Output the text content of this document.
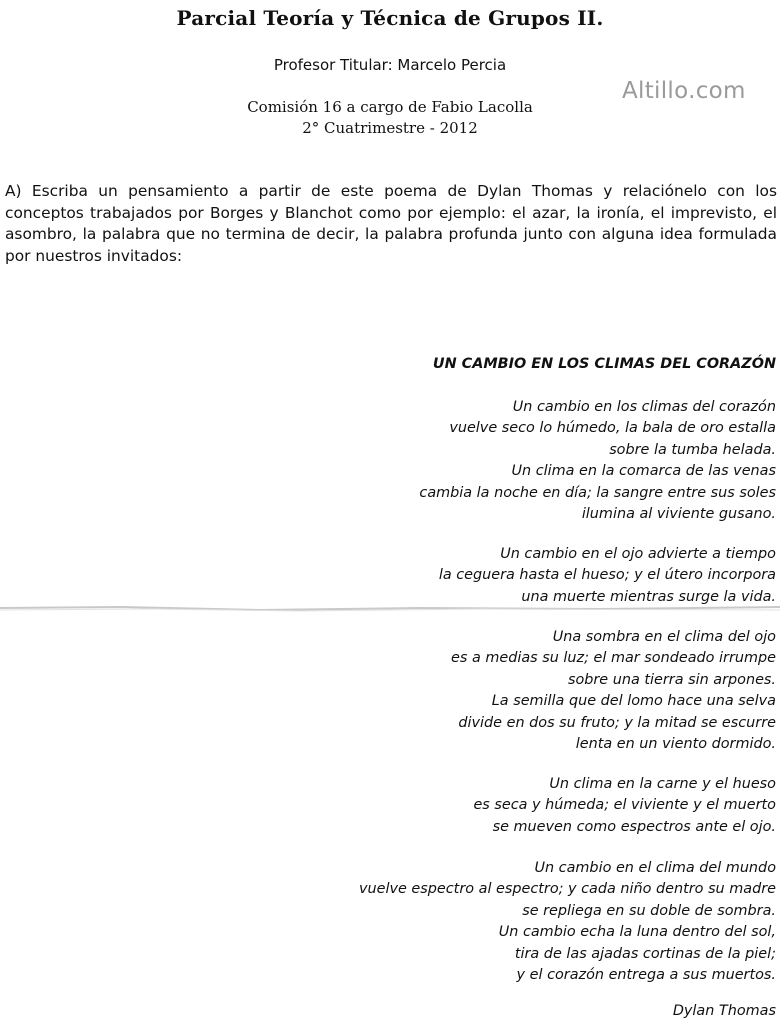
Parcial Teoría y Técnica de Grupos II.
Profesor Titular: Marcelo Percia
Comisión 16 a cargo de Fabio Lacolla
2° Cuatrimestre - 2012
Altillo.com
A) Escriba un pensamiento a partir de este poema de Dylan Thomas y relaciónelo con los conceptos trabajados por Borges y Blanchot como por ejemplo: el azar, la ironía, el imprevisto, el asombro, la palabra que no termina de decir, la palabra profunda junto con alguna idea formulada por nuestros invitados:
UN CAMBIO EN LOS CLIMAS DEL CORAZÓN
Un cambio en los climas del corazón
vuelve seco lo húmedo, la bala de oro estalla
sobre la tumba helada.
Un clima en la comarca de las venas
cambia la noche en día; la sangre entre sus soles
ilumina al viviente gusano.
Un cambio en el ojo advierte a tiempo
la ceguera hasta el hueso; y el útero incorpora
una muerte mientras surge la vida.
Una sombra en el clima del ojo
es a medias su luz; el mar sondeado irrumpe
sobre una tierra sin arpones.
La semilla que del lomo hace una selva
divide en dos su fruto; y la mitad se escurre
lenta en un viento dormido.
Un clima en la carne y el hueso
es seca y húmeda; el viviente y el muerto
se mueven como espectros ante el ojo.
Un cambio en el clima del mundo
vuelve espectro al espectro; y cada niño dentro su madre
se repliega en su doble de sombra.
Un cambio echa la luna dentro del sol,
tira de las ajadas cortinas de la piel;
y el corazón entrega a sus muertos.
Dylan Thomas
